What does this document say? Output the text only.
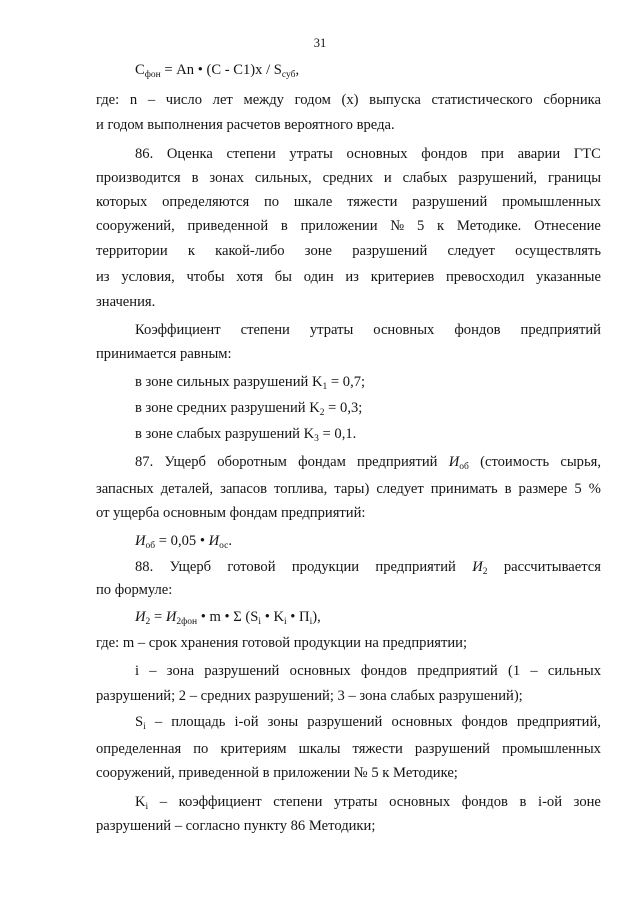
31
$C_{фон} = An$ • $(C - C1)x / S_{суб}$,
где: n – число лет между годом (x) выпуска статистического сборника
и годом выполнения расчетов вероятного вреда.
86. Оценка степени утраты основных фондов при аварии ГТС
производится в зонах сильных, средних и слабых разрушений, границы
которых определяются по шкале тяжести разрушений промышленных
сооружений, приведенной в приложении № 5 к Методике. Отнесение
территории к какой-либо зоне разрушений следует осуществлять
из условия, чтобы хотя бы один из критериев превосходил указанные
значения.
Коэффициент степени утраты основных фондов предприятий
принимается равным:
в зоне сильных разрушений $K_1 = 0,7$;
в зоне средних разрушений $K_2 = 0,3$;
в зоне слабых разрушений $K_3 = 0,1$.
87. Ущерб оборотным фондам предприятий $И_{об}$ (стоимость сырья,
запасных деталей, запасов топлива, тары) следует принимать в размере 5 %
от ущерба основным фондам предприятий:
$И_{об} = 0,05$ • $И_{ос}$.
88. Ущерб готовой продукции предприятий $И_2$ рассчитывается
по формуле:
$И_2 = И_{2фон}$ • m • Σ ($S_i$ • $K_i$ • $П_i$),
где: m – срок хранения готовой продукции на предприятии;
i – зона разрушений основных фондов предприятий (1 – сильных
разрушений; 2 – средних разрушений; 3 – зона слабых разрушений);
$S_i$ – площадь i-ой зоны разрушений основных фондов предприятий,
определенная по критериям шкалы тяжести разрушений промышленных
сооружений, приведенной в приложении № 5 к Методике;
$K_i$ – коэффициент степени утраты основных фондов в i-ой зоне
разрушений – согласно пункту 86 Методики;
